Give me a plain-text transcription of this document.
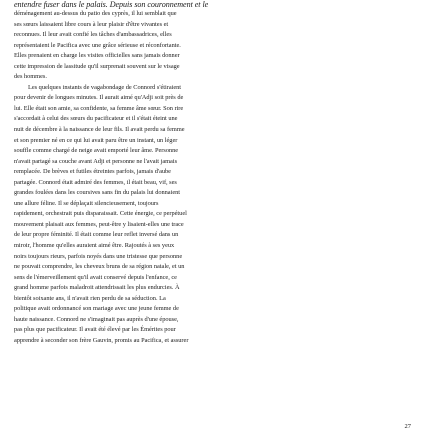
entendre fuser dans le palais. Depuis son couronnement et le
déménagement au-dessus du patio des cyprès, il lui semblait que
ses sœurs laissaient libre cours à leur plaisir d'être vivantes et
reconnues. Il leur avait confié les tâches d'ambassadrices, elles
représentaient le Pacifica avec une grâce sérieuse et réconfortante.
Elles prenaient en charge les visites officielles sans jamais donner
cette impression de lassitude qu'il surprenait souvent sur le visage
des hommes.
Les quelques instants de vagabondage de Connord s'étiraient
pour devenir de longues minutes. Il aurait aimé qu'Adji soit près de
lui. Elle était son amie, sa confidente, sa femme âme sœur. Son rire
s'accordait à celui des sœurs du pacificateur et il s'était éteint une
nuit de décembre à la naissance de leur fils. Il avait perdu sa femme
et son premier né en ce qui lui avait paru être un instant, un léger
souffle comme chargé de neige avait emporté leur âme. Personne
n'avait partagé sa couche avant Adji et personne ne l'avait jamais
remplacée. De brèves et futiles étreintes parfois, jamais d'aube
partagée. Connord était admiré des femmes, il était beau, vif, ses
grandes foulées dans les coursives sans fin du palais lui donnaient
une allure féline. Il se déplaçait silencieusement, toujours
rapidement, orchestrait puis disparaissait. Cette énergie, ce perpétuel
mouvement plaisait aux femmes, peut-être y lisaient-elles une trace
de leur propre féminité. Il était comme leur reflet inversé dans un
miroir, l'homme qu'elles auraient aimé être. Rajoutés à ses yeux
noirs toujours rieurs, parfois noyés dans une tristesse que personne
ne pouvait comprendre, les cheveux bruns de sa région natale, et un
sens de l'émerveillement qu'il avait conservé depuis l'enfance, ce
grand homme parfois maladroit attendrissait les plus endurcies. À
bientôt soixante ans, il n'avait rien perdu de sa séduction. La
politique avait ordonnancé son mariage avec une jeune femme de
haute naissance. Connord ne s'imaginait pas auprès d'une épouse,
pas plus que pacificateur. Il avait été élevé par les Émérites pour
apprendre à seconder son frère Gauvin, promis au Pacifica, et assurer
27
